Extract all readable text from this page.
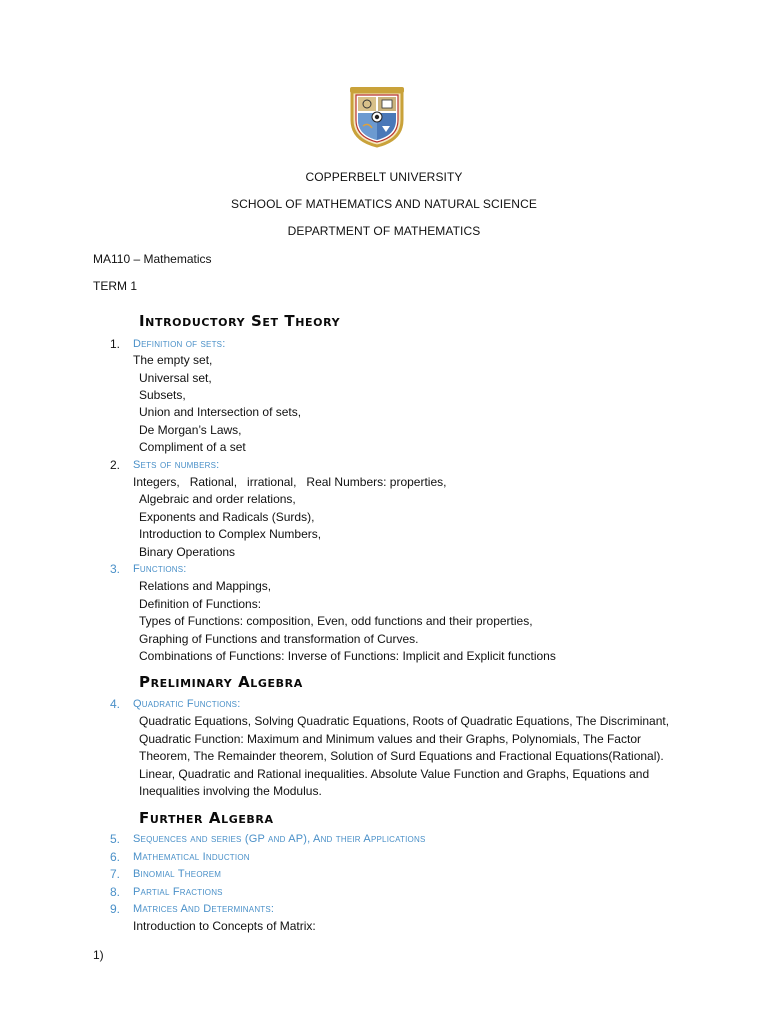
COPPERBELT UNIVERSITY
SCHOOL OF MATHEMATICS AND NATURAL SCIENCE
DEPARTMENT OF MATHEMATICS
MA110 – Mathematics
TERM 1
Introductory Set Theory
1. Definition of sets:
The empty set,
Universal set,
Subsets,
Union and Intersection of sets,
De Morgan’s Laws,
Compliment of a set
2. Sets of numbers:
Integers,   Rational,   irrational,   Real Numbers: properties,
Algebraic and order relations,
Exponents and Radicals (Surds),
Introduction to Complex Numbers,
Binary Operations
3. Functions:
Relations and Mappings,
Definition of Functions:
Types of Functions: composition, Even, odd functions and their properties,
Graphing of Functions and transformation of Curves.
Combinations of Functions: Inverse of Functions: Implicit and Explicit functions
Preliminary Algebra
4. Quadratic Functions:
Quadratic Equations, Solving Quadratic Equations, Roots of Quadratic Equations, The Discriminant, Quadratic Function: Maximum and Minimum values and their Graphs, Polynomials, The Factor Theorem, The Remainder theorem, Solution of Surd Equations and Fractional Equations(Rational). Linear, Quadratic and Rational inequalities. Absolute Value Function and Graphs, Equations and Inequalities involving the Modulus.
Further Algebra
5. Sequences and series (GP and AP), And their Applications
6. Mathematical Induction
7. Binomial Theorem
8. Partial Fractions
9. Matrices And Determinants:
Introduction to Concepts of Matrix:
1)
